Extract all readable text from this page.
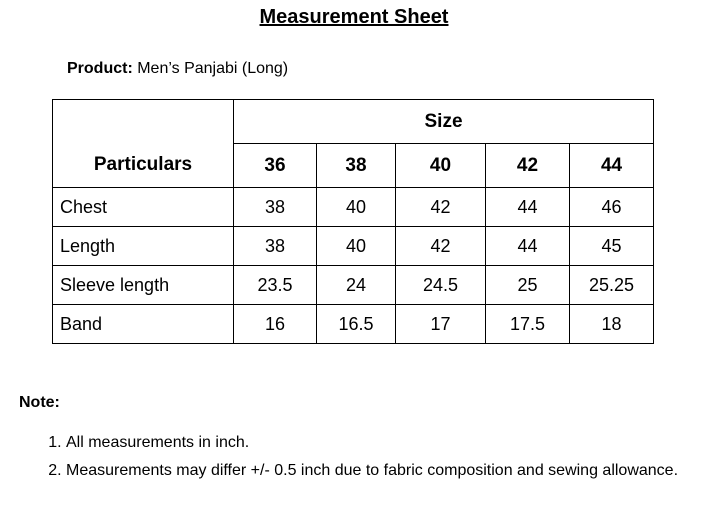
Measurement Sheet
Product: Men’s Panjabi (Long)
Particulars	Size				
	36	38	40	42	44
Chest	38	40	42	44	46
Length	38	40	42	44	45
Sleeve length	23.5	24	24.5	25	25.25
Band	16	16.5	17	17.5	18
Note:
1. All measurements in inch.
2. Measurements may differ +/- 0.5 inch due to fabric composition and sewing allowance.
